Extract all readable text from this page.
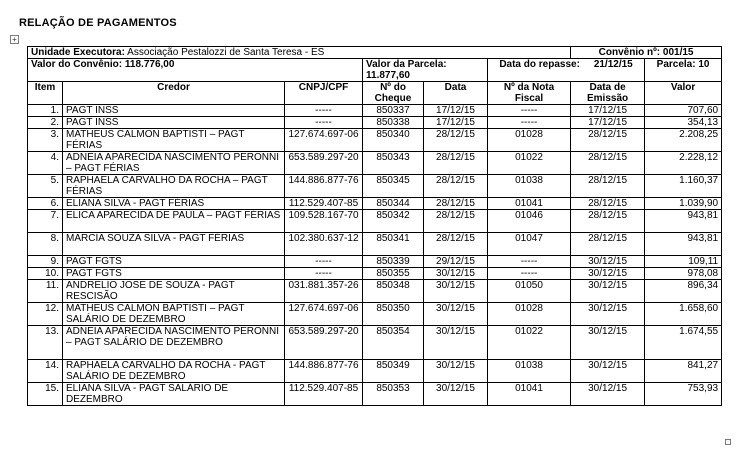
RELAÇÃO DE PAGAMENTOS
+
Unidade Executora: Associação Pestalozzi de Santa Teresa - ES						Convênio nº: 001/15	
Valor do Convênio: 118.776,00			Valor da Parcela: 11.877,60		Data do repasse: 21/12/15		Parcela: 10
Item	Credor	CNPJ/CPF	Nº do Cheque	Data	Nº da Nota Fiscal	Data de Emissão	Valor
1.	PAGT INSS	-----	850337	17/12/15	-----	17/12/15	707,60
2.	PAGT INSS	-----	850338	17/12/15	-----	17/12/15	354,13
3.	MATHEUS CALMON BAPTISTI – PAGT FÉRIAS	127.674.697-06	850340	28/12/15	01028	28/12/15	2.208,25
4.	ADNEIA APARECIDA NASCIMENTO PERONNI – PAGT FÉRIAS	653.589.297-20	850343	28/12/15	01022	28/12/15	2.228,12
5.	RAPHAELA CARVALHO DA ROCHA – PAGT FÉRIAS	144.886.877-76	850345	28/12/15	01038	28/12/15	1.160,37
6.	ELIANA SILVA - PAGT FÉRIAS	112.529.407-85	850344	28/12/15	01041	28/12/15	1.039,90
7.	ELICA APARECIDA DE PAULA – PAGT FÉRIAS	109.528.167-70	850342	28/12/15	01046	28/12/15	943,81
8.	MARCIA SOUZA SILVA - PAGT FÉRIAS	102.380.637-12	850341	28/12/15	01047	28/12/15	943,81
9.	PAGT FGTS	-----	850339	29/12/15	-----	30/12/15	109,11
10.	PAGT FGTS	-----	850355	30/12/15	-----	30/12/15	978,08
11.	ANDRELIO JOSE DE SOUZA - PAGT RESCISÃO	031.881.357-26	850348	30/12/15	01050	30/12/15	896,34
12.	MATHEUS CALMON BAPTISTI – PAGT SALÁRIO DE DEZEMBRO	127.674.697-06	850350	30/12/15	01028	30/12/15	1.658,60
13.	ADNEIA APARECIDA NASCIMENTO PERONNI – PAGT SALÁRIO DE DEZEMBRO	653.589.297-20	850354	30/12/15	01022	30/12/15	1.674,55
14.	RAPHAELA CARVALHO DA ROCHA - PAGT SALÁRIO DE DEZEMBRO	144.886.877-76	850349	30/12/15	01038	30/12/15	841,27
15.	ELIANA SILVA - PAGT SALÁRIO DE DEZEMBRO	112.529.407-85	850353	30/12/15	01041	30/12/15	753,93
